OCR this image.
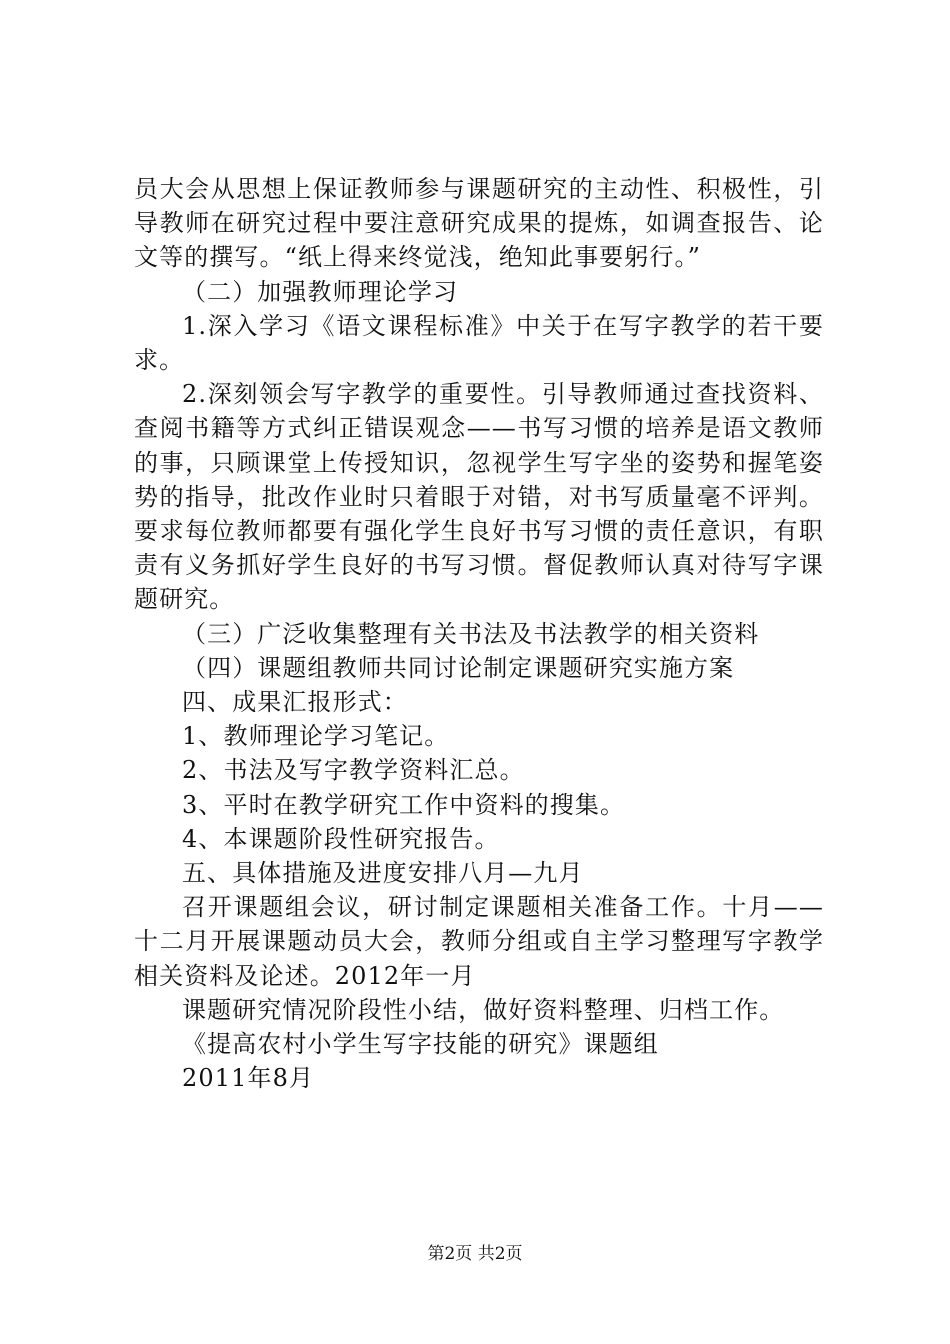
员大会从思想上保证教师参与课题研究的主动性、积极性，引导教师在研究过程中要注意研究成果的提炼，如调查报告、论文等的撰写。“纸上得来终觉浅，绝知此事要躬行。”

（二）加强教师理论学习

1.深入学习《语文课程标准》中关于在写字教学的若干要求。

2.深刻领会写字教学的重要性。引导教师通过查找资料、查阅书籍等方式纠正错误观念——书写习惯的培养是语文教师的事，只顾课堂上传授知识，忽视学生写字坐的姿势和握笔姿势的指导，批改作业时只着眼于对错，对书写质量毫不评判。要求每位教师都要有强化学生良好书写习惯的责任意识，有职责有义务抓好学生良好的书写习惯。督促教师认真对待写字课题研究。

（三）广泛收集整理有关书法及书法教学的相关资料

（四）课题组教师共同讨论制定课题研究实施方案

四、成果汇报形式：

1、教师理论学习笔记。

2、书法及写字教学资料汇总。

3、平时在教学研究工作中资料的搜集。

4、本课题阶段性研究报告。

五、具体措施及进度安排八月—九月

召开课题组会议，研讨制定课题相关准备工作。十月——十二月开展课题动员大会，教师分组或自主学习整理写字教学相关资料及论述。2012年一月

课题研究情况阶段性小结，做好资料整理、归档工作。

《提高农村小学生写字技能的研究》课题组

2011年8月

第2页 共2页
